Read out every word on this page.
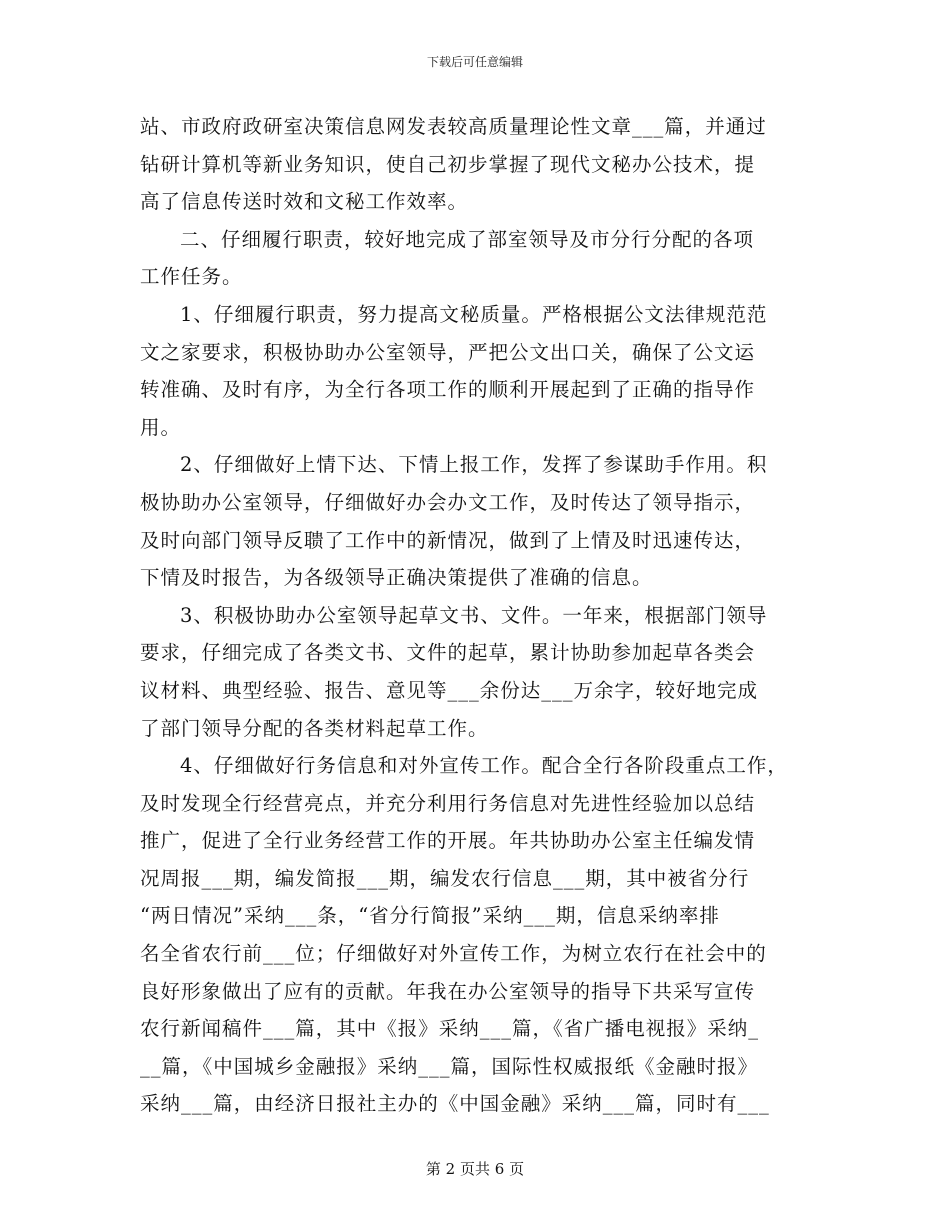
下载后可任意编辑
站、市政府政研室决策信息网发表较高质量理论性文章___篇，并通过
钻研计算机等新业务知识，使自己初步掌握了现代文秘办公技术，提
高了信息传送时效和文秘工作效率。
二、仔细履行职责，较好地完成了部室领导及市分行分配的各项
工作任务。
1、仔细履行职责，努力提高文秘质量。严格根据公文法律规范范
文之家要求，积极协助办公室领导，严把公文出口关，确保了公文运
转准确、及时有序，为全行各项工作的顺利开展起到了正确的指导作
用。
2、仔细做好上情下达、下情上报工作，发挥了参谋助手作用。积
极协助办公室领导，仔细做好办会办文工作，及时传达了领导指示，
及时向部门领导反聩了工作中的新情况，做到了上情及时迅速传达，
下情及时报告，为各级领导正确决策提供了准确的信息。
3、积极协助办公室领导起草文书、文件。一年来，根据部门领导
要求，仔细完成了各类文书、文件的起草，累计协助参加起草各类会
议材料、典型经验、报告、意见等___余份达___万余字，较好地完成
了部门领导分配的各类材料起草工作。
4、仔细做好行务信息和对外宣传工作。配合全行各阶段重点工作，
及时发现全行经营亮点，并充分利用行务信息对先进性经验加以总结
推广，促进了全行业务经营工作的开展。年共协助办公室主任编发情
况周报___期，编发简报___期，编发农行信息___期，其中被省分行
“两日情况”采纳___条，“省分行简报”采纳___期，信息采纳率排
名全省农行前___位；仔细做好对外宣传工作，为树立农行在社会中的
良好形象做出了应有的贡献。年我在办公室领导的指导下共采写宣传
农行新闻稿件___篇，其中《报》采纳___篇，《省广播电视报》采纳_
__篇，《中国城乡金融报》采纳___篇，国际性权威报纸《金融时报》
采纳___篇，由经济日报社主办的《中国金融》采纳___篇，同时有___
第 2 页共 6 页
